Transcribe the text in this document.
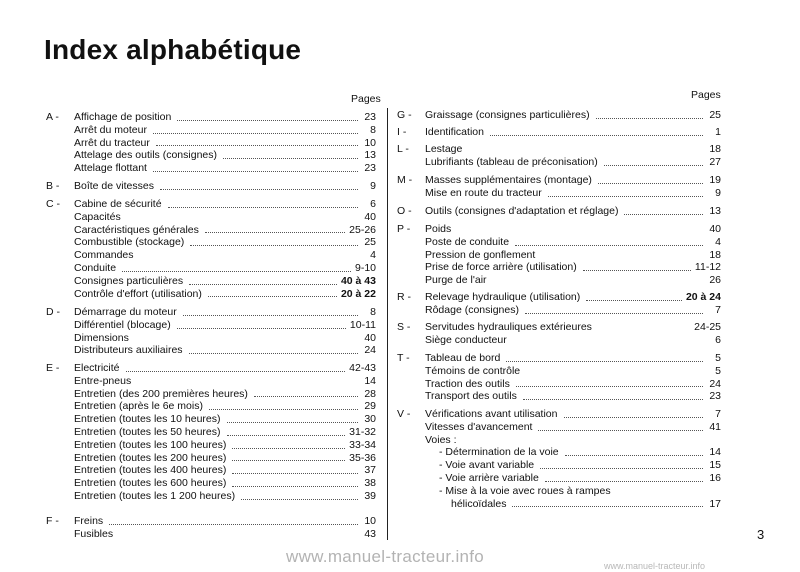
Index alphabétique
Pages	Pages
A -	Affichage de position	23
Arrêt du moteur	8
Arrêt du tracteur	10
Attelage des outils (consignes)	13
Attelage flottant	23
B -	Boîte de vitesses	9
C -	Cabine de sécurité	6
Capacités	40
Caractéristiques générales	25-26
Combustible (stockage)	25
Commandes	4
Conduite	9-10
Consignes particulières	40 à 43
Contrôle d'effort (utilisation)	20 à 22
D -	Démarrage du moteur	8
Différentiel (blocage)	10-11
Dimensions	40
Distributeurs auxiliaires	24
E -	Electricité	42-43
Entre-pneus	14
Entretien (des 200 premières heures)	28
Entretien (après le 6e mois)	29
Entretien (toutes les 10 heures)	30
Entretien (toutes les 50 heures)	31-32
Entretien (toutes les 100 heures)	33-34
Entretien (toutes les 200 heures)	35-36
Entretien (toutes les 400 heures)	37
Entretien (toutes les 600 heures)	38
Entretien (toutes les 1 200 heures)	39
F -	Freins	10
Fusibles	43
G -	Graissage (consignes particulières)	25
I -	Identification	1
L -	Lestage	18
Lubrifiants (tableau de préconisation)	27
M -	Masses supplémentaires (montage)	19
Mise en route du tracteur	9
O -	Outils (consignes d'adaptation et réglage)	13
P -	Poids	40
Poste de conduite	4
Pression de gonflement	18
Prise de force arrière (utilisation)	11-12
Purge de l'air	26
R -	Relevage hydraulique (utilisation)	20 à 24
Rôdage (consignes)	7
S -	Servitudes hydrauliques extérieures	24-25
Siège conducteur	6
T -	Tableau de bord	5
Témoins de contrôle	5
Traction des outils	24
Transport des outils	23
V -	Vérifications avant utilisation	7
Vitesses d'avancement	41
Voies :
- Détermination de la voie	14
- Voie avant variable	15
- Voie arrière variable	16
- Mise à la voie avec roues à rampes
hélicoïdales	17
3
www.manuel-tracteur.info	www.manuel-tracteur.info
